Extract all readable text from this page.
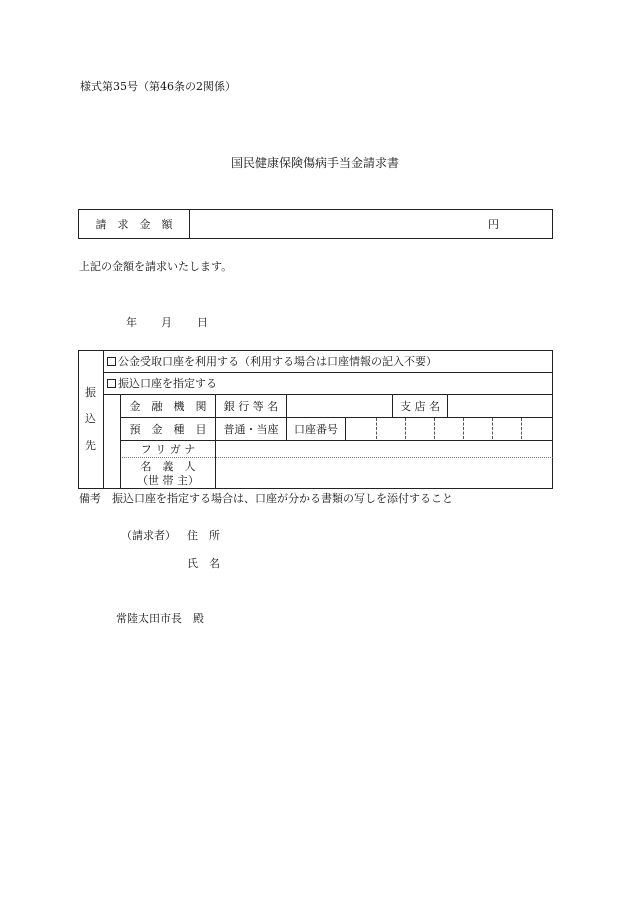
様式第35号（第46条の2関係）
国民健康保険傷病手当金請求書
請　求　金　額	円
上記の金額を請求いたします。
年 月 日
振
込
先
公金受取口座を利用する（利用する場合は口座情報の記入不要）
振込口座を指定する
金　融　機　関	銀 行 等 名	支 店 名
預　金　種　目	普通・当座	口座番号
フ リ ガ ナ
名　義　人
（世 帯 主）
備考　振込口座を指定する場合は、口座が分かる書類の写しを添付すること
（請求者） 住　所
氏　名
常陸太田市長　殿
